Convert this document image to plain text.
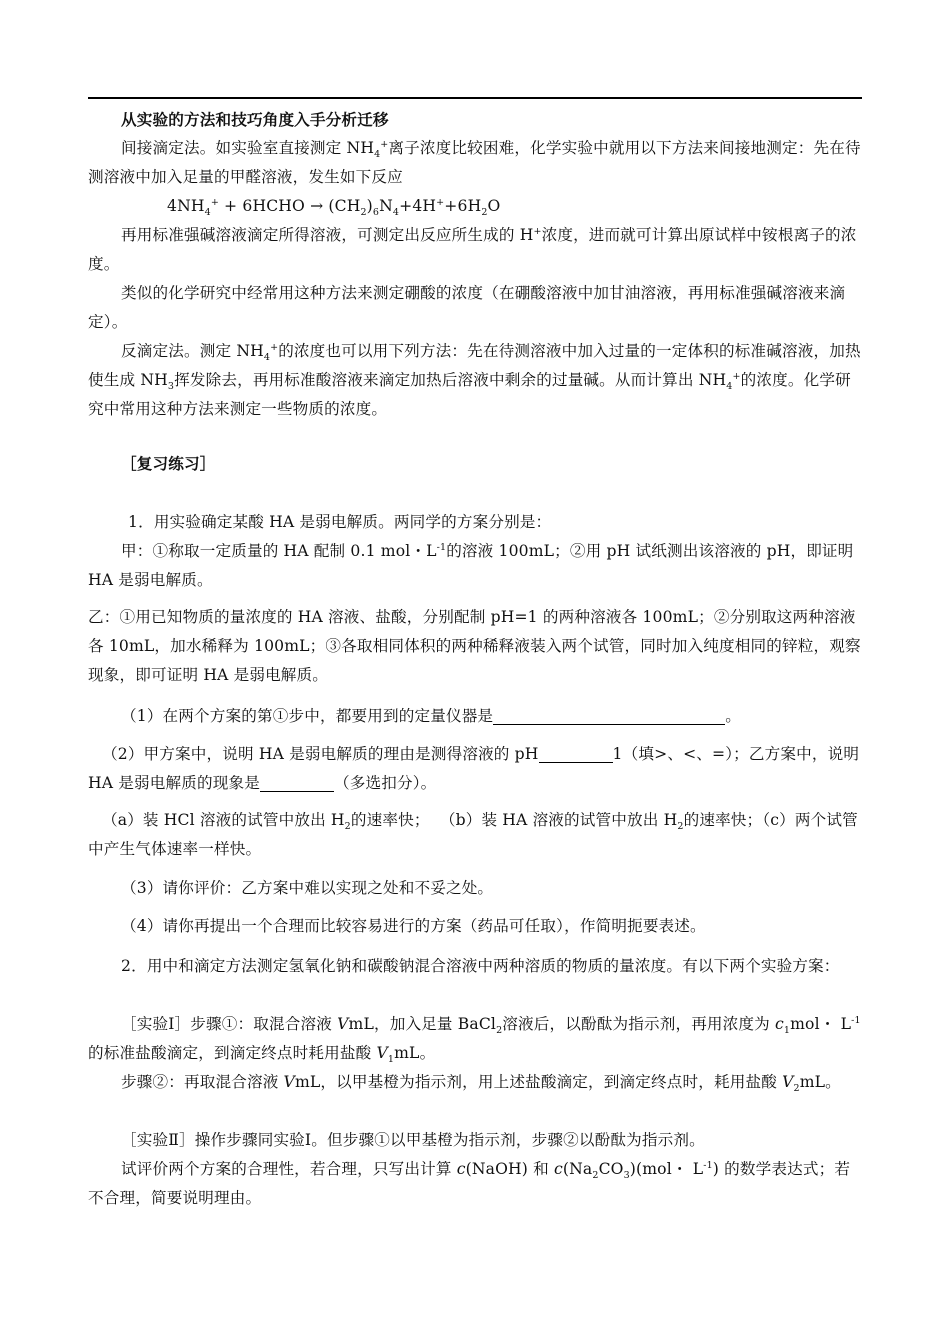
从实验的方法和技巧角度入手分析迁移
间接滴定法。如实验室直接测定 $NH_4^+$离子浓度比较困难，化学实验中就用以下方法来间接地测定：先在待测溶液中加入足量的甲醛溶液，发生如下反应
$4NH_4^+$ + 6HCHO → $(CH_2)_6N_4+4H^++6H_2O$
再用标准强碱溶液滴定所得溶液，可测定出反应所生成的 H+浓度，进而就可计算出原试样中铵根离子的浓度。
类似的化学研究中经常用这种方法来测定硼酸的浓度（在硼酸溶液中加甘油溶液，再用标准强碱溶液来滴定）。
反滴定法。测定 $NH_4^+$的浓度也可以用下列方法：先在待测溶液中加入过量的一定体积的标准碱溶液，加热使生成 $NH_3$挥发除去，再用标准酸溶液来滴定加热后溶液中剩余的过量碱。从而计算出 $NH_4^+$的浓度。化学研究中常用这种方法来测定一些物质的浓度。
［复习练习］
1．用实验确定某酸 HA 是弱电解质。两同学的方案分别是：
甲：①称取一定质量的 HA 配制 0.1 mol・$L^{-1}$的溶液 100mL；②用 pH 试纸测出该溶液的 pH，即证明 HA 是弱电解质。
乙：①用已知物质的量浓度的 HA 溶液、盐酸，分别配制 pH=1 的两种溶液各 100mL；②分别取这两种溶液各 10mL，加水稀释为 100mL；③各取相同体积的两种稀释液装入两个试管，同时加入纯度相同的锌粒，观察现象，即可证明 HA 是弱电解质。
（1）在两个方案的第①步中，都要用到的定量仪器是	。
（2）甲方案中，说明 HA 是弱电解质的理由是测得溶液的 pH	1（填>、<、=）；乙方案中，说明 HA 是弱电解质的现象是	（多选扣分）。
（a）装 HCl 溶液的试管中放出 $H_2$的速率快； （b）装 HA 溶液的试管中放出 $H_2$的速率快；（c）两个试管中产生气体速率一样快。
（3）请你评价：乙方案中难以实现之处和不妥之处。
（4）请你再提出一个合理而比较容易进行的方案（药品可任取），作简明扼要表述。
2．用中和滴定方法测定氢氧化钠和碳酸钠混合溶液中两种溶质的物质的量浓度。有以下两个实验方案：
［实验Ⅰ］步骤①：取混合溶液 VmL，加入足量 BaCl$_2$溶液后，以酚酞为指示剂，再用浓度为 $c_1mol$・ $L^{-1}$ 的标准盐酸滴定，到滴定终点时耗用盐酸 $V_1mL$。
步骤②：再取混合溶液 VmL，以甲基橙为指示剂，用上述盐酸滴定，到滴定终点时，耗用盐酸 $V_2mL$。
［实验Ⅱ］操作步骤同实验Ⅰ。但步骤①以甲基橙为指示剂，步骤②以酚酞为指示剂。
试评价两个方案的合理性，若合理，只写出计算 c(NaOH) 和 $c(Na_2CO_3)(mol$・ $L^{-1}$) 的数学表达式；若不合理，简要说明理由。
